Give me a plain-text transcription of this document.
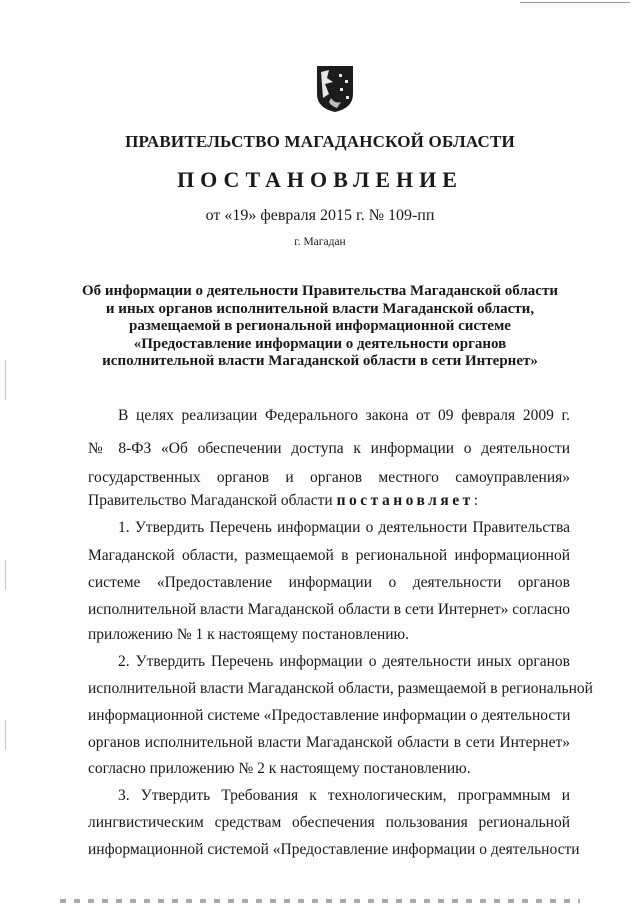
ПРАВИТЕЛЬСТВО МАГАДАНСКОЙ ОБЛАСТИ
ПОСТАНОВЛЕНИЕ
от «19» февраля 2015 г. № 109-пп
г. Магадан
Об информации о деятельности Правительства Магаданской области
и иных органов исполнительной власти Магаданской области,
размещаемой в региональной информационной системе
«Предоставление информации о деятельности органов
исполнительной власти Магаданской области в сети Интернет»
В целях реализации Федерального закона от 09 февраля 2009 г.
№ 8-ФЗ «Об обеспечении доступа к информации о деятельности
государственных органов и органов местного самоуправления»
Правительство Магаданской области постановляет:
1. Утвердить Перечень информации о деятельности Правительства
Магаданской области, размещаемой в региональной информационной
системе «Предоставление информации о деятельности органов
исполнительной власти Магаданской области в сети Интернет» согласно
приложению № 1 к настоящему постановлению.
2. Утвердить Перечень информации о деятельности иных органов
исполнительной власти Магаданской области, размещаемой в региональной
информационной системе «Предоставление информации о деятельности
органов исполнительной власти Магаданской области в сети Интернет»
согласно приложению № 2 к настоящему постановлению.
3. Утвердить Требования к технологическим, программным и
лингвистическим средствам обеспечения пользования региональной
информационной системой «Предоставление информации о деятельности
